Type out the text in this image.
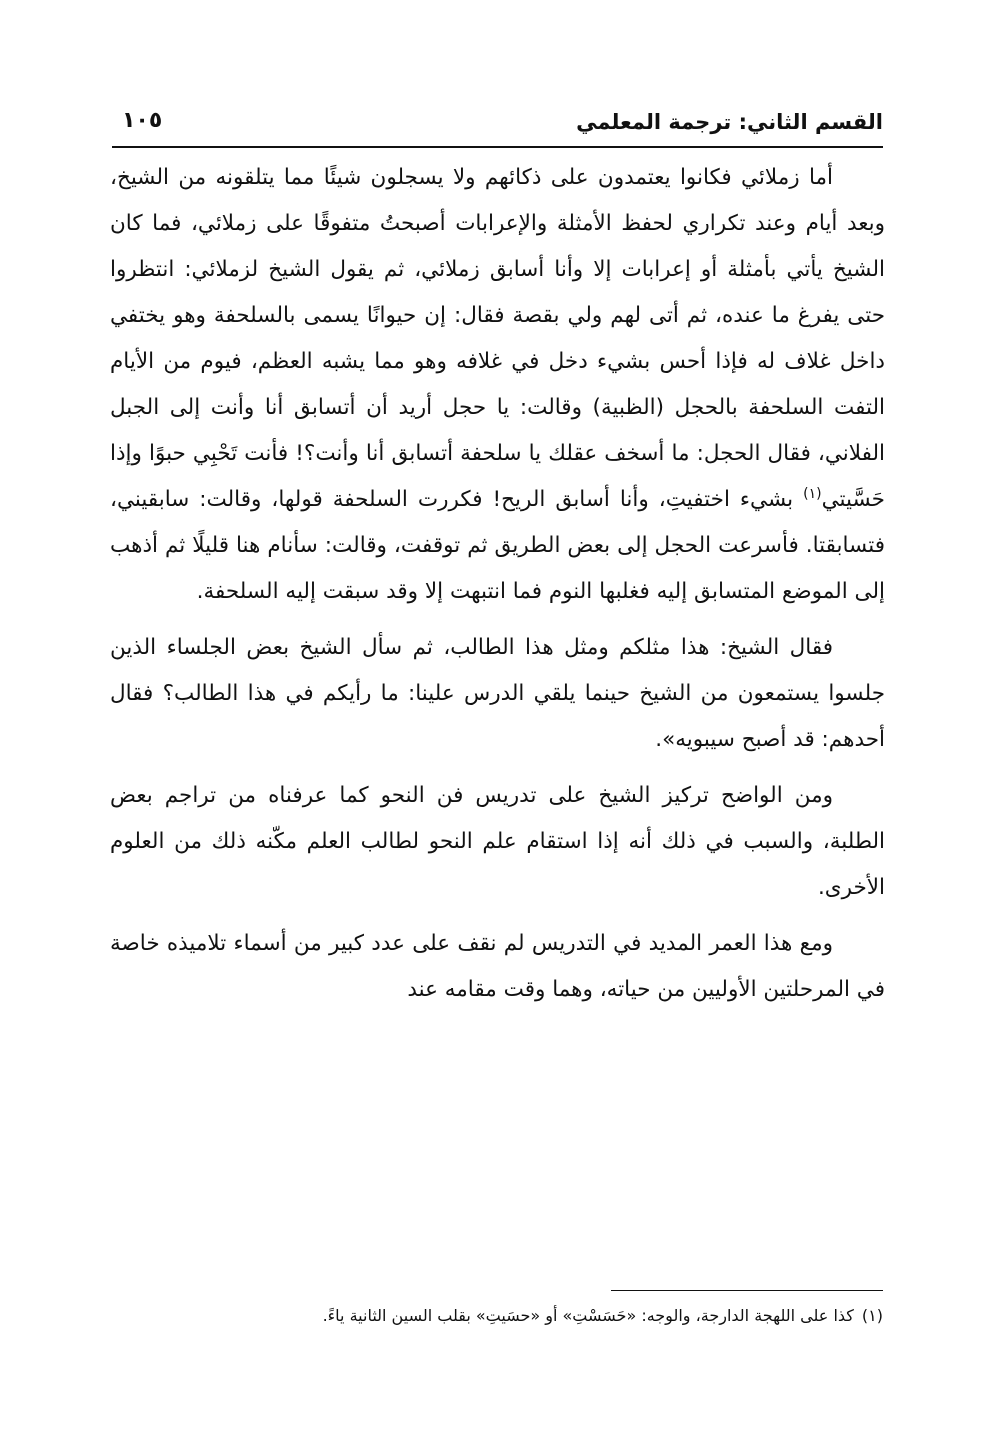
القسم الثاني: ترجمة المعلمي
١٠٥

أما زملائي فكانوا يعتمدون على ذكائهم ولا يسجلون شيئًا مما يتلقونه من الشيخ، وبعد أيام وعند تكراري لحفظ الأمثلة والإعرابات أصبحتُ متفوقًا على زملائي، فما كان الشيخ يأتي بأمثلة أو إعرابات إلا وأنا أسابق زملائي، ثم يقول الشيخ لزملائي: انتظروا حتى يفرغ ما عنده، ثم أتى لهم ولي بقصة فقال: إن حيوانًا يسمى بالسلحفة وهو يختفي داخل غلاف له فإذا أحس بشيء دخل في غلافه وهو مما يشبه العظم، فيوم من الأيام التفت السلحفة بالحجل (الظبية) وقالت: يا حجل أريد أن أتسابق أنا وأنت إلى الجبل الفلاني، فقال الحجل: ما أسخف عقلك يا سلحفة أتسابق أنا وأنت؟! فأنت تَحْبِي حبوًا وإذا حَسَّيتي$^{(١)}$ بشيء اختفيتِ، وأنا أسابق الريح! فكررت السلحفة قولها، وقالت: سابقيني، فتسابقتا. فأسرعت الحجل إلى بعض الطريق ثم توقفت، وقالت: سأنام هنا قليلًا ثم أذهب إلى الموضع المتسابق إليه فغلبها النوم فما انتبهت إلا وقد سبقت إليه السلحفة.

فقال الشيخ: هذا مثلكم ومثل هذا الطالب، ثم سأل الشيخ بعض الجلساء الذين جلسوا يستمعون من الشيخ حينما يلقي الدرس علينا: ما رأيكم في هذا الطالب؟ فقال أحدهم: قد أصبح سيبويه».

ومن الواضح تركيز الشيخ على تدريس فن النحو كما عرفناه من تراجم بعض الطلبة، والسبب في ذلك أنه إذا استقام علم النحو لطالب العلم مكّنه ذلك من العلوم الأخرى.

ومع هذا العمر المديد في التدريس لم نقف على عدد كبير من أسماء تلاميذه خاصة في المرحلتين الأوليين من حياته، وهما وقت مقامه عند

(١)كذا على اللهجة الدارجة، والوجه: «حَسَسْتِ» أو «حسَيتِ» بقلب السين الثانية ياءً.
